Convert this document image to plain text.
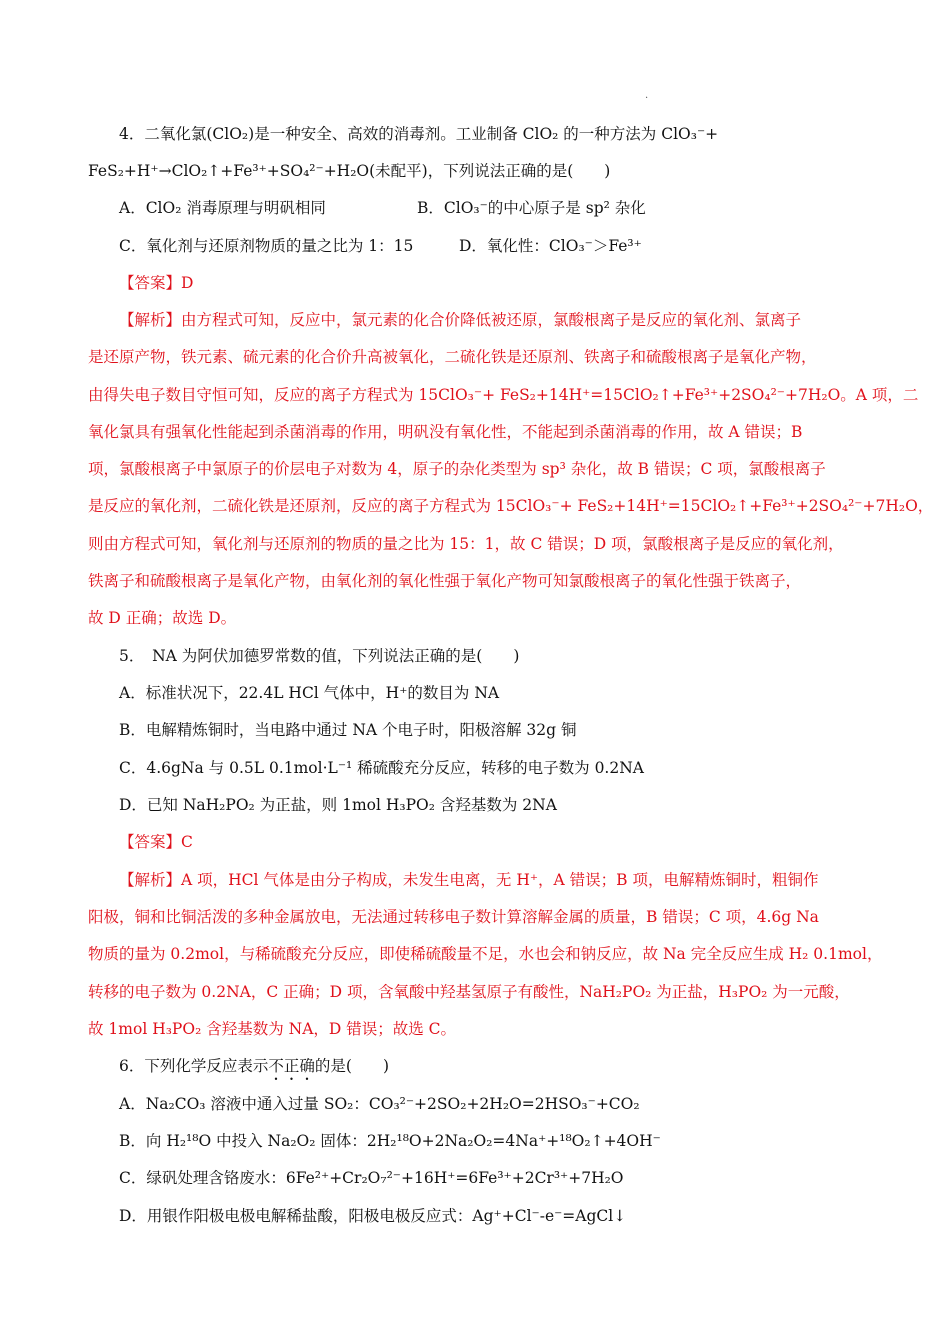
.
4．二氧化氯(ClO₂)是一种安全、高效的消毒剂。工业制备 ClO₂ 的一种方法为 ClO₃⁻+
FeS₂+H⁺→ClO₂↑+Fe³⁺+SO₄²⁻+H₂O(未配平)，下列说法正确的是(　　)
A．ClO₂ 消毒原理与明矾相同	B．ClO₃⁻的中心原子是 sp² 杂化
C．氧化剂与还原剂物质的量之比为 1：15	D．氧化性：ClO₃⁻＞Fe³⁺
【答案】D
【解析】由方程式可知，反应中，氯元素的化合价降低被还原，氯酸根离子是反应的氧化剂、氯离子
是还原产物，铁元素、硫元素的化合价升高被氧化，二硫化铁是还原剂、铁离子和硫酸根离子是氧化产物，
由得失电子数目守恒可知，反应的离子方程式为 15ClO₃⁻+ FeS₂+14H⁺=15ClO₂↑+Fe³⁺+2SO₄²⁻+7H₂O。A 项，二
氧化氯具有强氧化性能起到杀菌消毒的作用，明矾没有氧化性，不能起到杀菌消毒的作用，故 A 错误；B
项，氯酸根离子中氯原子的价层电子对数为 4，原子的杂化类型为 sp³ 杂化，故 B 错误；C 项，氯酸根离子
是反应的氧化剂，二硫化铁是还原剂，反应的离子方程式为 15ClO₃⁻+ FeS₂+14H⁺=15ClO₂↑+Fe³⁺+2SO₄²⁻+7H₂O，
则由方程式可知，氧化剂与还原剂的物质的量之比为 15：1，故 C 错误；D 项，氯酸根离子是反应的氧化剂，
铁离子和硫酸根离子是氧化产物，由氧化剂的氧化性强于氧化产物可知氯酸根离子的氧化性强于铁离子，
故 D 正确；故选 D。
5．　NA 为阿伏加德罗常数的值，下列说法正确的是(　　)
A．标准状况下，22.4L HCl 气体中，H⁺的数目为 NA
B．电解精炼铜时，当电路中通过 NA 个电子时，阳极溶解 32g 铜
C．4.6gNa 与 0.5L 0.1mol·L⁻¹ 稀硫酸充分反应，转移的电子数为 0.2NA
D．已知 NaH₂PO₂ 为正盐，则 1mol H₃PO₂ 含羟基数为 2NA
【答案】C
【解析】A 项，HCl 气体是由分子构成，未发生电离，无 H⁺，A 错误；B 项，电解精炼铜时，粗铜作
阳极，铜和比铜活泼的多种金属放电，无法通过转移电子数计算溶解金属的质量，B 错误；C 项，4.6g Na
物质的量为 0.2mol，与稀硫酸充分反应，即使稀硫酸量不足，水也会和钠反应，故 Na 完全反应生成 H₂ 0.1mol，
转移的电子数为 0.2NA，C 正确；D 项，含氧酸中羟基氢原子有酸性，NaH₂PO₂ 为正盐，H₃PO₂ 为一元酸，
故 1mol H₃PO₂ 含羟基数为 NA，D 错误；故选 C。
6．下列化学反应表示不正确的是(　　)
A．Na₂CO₃ 溶液中通入过量 SO₂：CO₃²⁻+2SO₂+2H₂O=2HSO₃⁻+CO₂
B．向 H₂¹⁸O 中投入 Na₂O₂ 固体：2H₂¹⁸O+2Na₂O₂=4Na⁺+¹⁸O₂↑+4OH⁻
C．绿矾处理含铬废水：6Fe²⁺+Cr₂O₇²⁻+16H⁺=6Fe³⁺+2Cr³⁺+7H₂O
D．用银作阳极电极电解稀盐酸，阳极电极反应式：Ag⁺+Cl⁻-e⁻=AgCl↓
